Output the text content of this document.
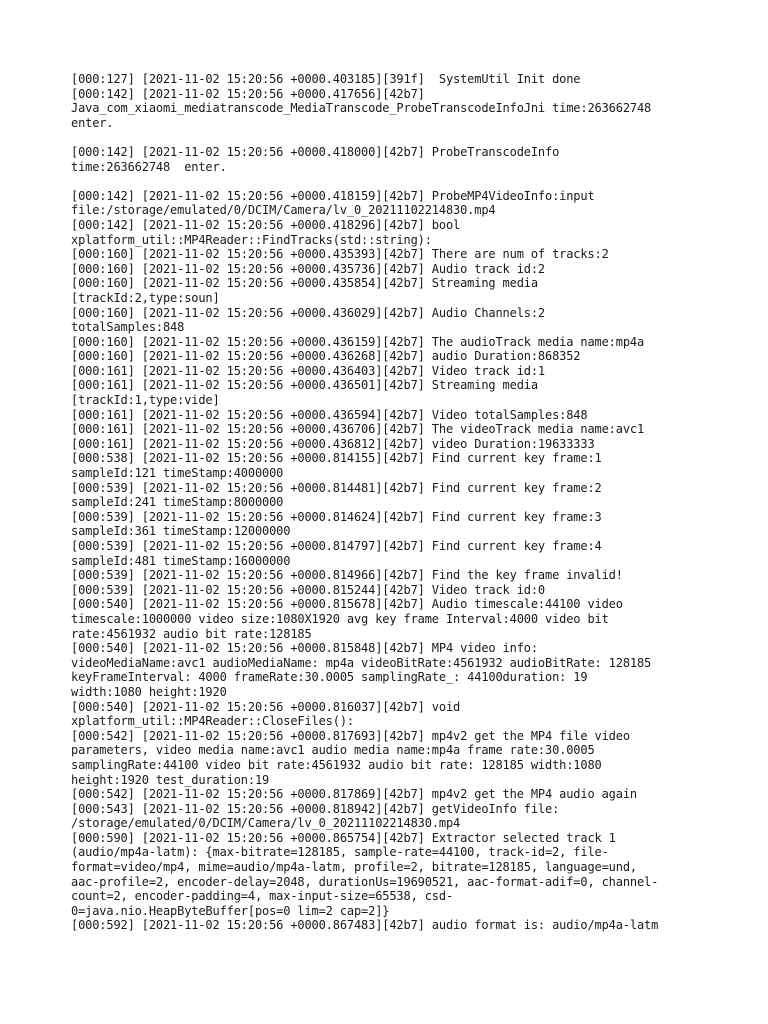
[000:127] [2021-11-02 15:20:56 +0000.403185][391f]  SystemUtil Init done
[000:142] [2021-11-02 15:20:56 +0000.417656][42b7]
Java_com_xiaomi_mediatranscode_MediaTranscode_ProbeTranscodeInfoJni time:263662748
enter.
[000:142] [2021-11-02 15:20:56 +0000.418000][42b7] ProbeTranscodeInfo
time:263662748  enter.
[000:142] [2021-11-02 15:20:56 +0000.418159][42b7] ProbeMP4VideoInfo:input
file:/storage/emulated/0/DCIM/Camera/lv_0_20211102214830.mp4
[000:142] [2021-11-02 15:20:56 +0000.418296][42b7] bool
xplatform_util::MP4Reader::FindTracks(std::string):
[000:160] [2021-11-02 15:20:56 +0000.435393][42b7] There are num of tracks:2
[000:160] [2021-11-02 15:20:56 +0000.435736][42b7] Audio track id:2
[000:160] [2021-11-02 15:20:56 +0000.435854][42b7] Streaming media
[trackId:2,type:soun]
[000:160] [2021-11-02 15:20:56 +0000.436029][42b7] Audio Channels:2
totalSamples:848
[000:160] [2021-11-02 15:20:56 +0000.436159][42b7] The audioTrack media name:mp4a
[000:160] [2021-11-02 15:20:56 +0000.436268][42b7] audio Duration:868352
[000:161] [2021-11-02 15:20:56 +0000.436403][42b7] Video track id:1
[000:161] [2021-11-02 15:20:56 +0000.436501][42b7] Streaming media
[trackId:1,type:vide]
[000:161] [2021-11-02 15:20:56 +0000.436594][42b7] Video totalSamples:848
[000:161] [2021-11-02 15:20:56 +0000.436706][42b7] The videoTrack media name:avc1
[000:161] [2021-11-02 15:20:56 +0000.436812][42b7] video Duration:19633333
[000:538] [2021-11-02 15:20:56 +0000.814155][42b7] Find current key frame:1
sampleId:121 timeStamp:4000000
[000:539] [2021-11-02 15:20:56 +0000.814481][42b7] Find current key frame:2
sampleId:241 timeStamp:8000000
[000:539] [2021-11-02 15:20:56 +0000.814624][42b7] Find current key frame:3
sampleId:361 timeStamp:12000000
[000:539] [2021-11-02 15:20:56 +0000.814797][42b7] Find current key frame:4
sampleId:481 timeStamp:16000000
[000:539] [2021-11-02 15:20:56 +0000.814966][42b7] Find the key frame invalid!
[000:539] [2021-11-02 15:20:56 +0000.815244][42b7] Video track id:0
[000:540] [2021-11-02 15:20:56 +0000.815678][42b7] Audio timescale:44100 video
timescale:1000000 video size:1080X1920 avg key frame Interval:4000 video bit
rate:4561932 audio bit rate:128185
[000:540] [2021-11-02 15:20:56 +0000.815848][42b7] MP4 video info:
videoMediaName:avc1 audioMediaName: mp4a videoBitRate:4561932 audioBitRate: 128185
keyFrameInterval: 4000 frameRate:30.0005 samplingRate_: 44100duration: 19
width:1080 height:1920
[000:540] [2021-11-02 15:20:56 +0000.816037][42b7] void
xplatform_util::MP4Reader::CloseFiles():
[000:542] [2021-11-02 15:20:56 +0000.817693][42b7] mp4v2 get the MP4 file video
parameters, video media name:avc1 audio media name:mp4a frame rate:30.0005
samplingRate:44100 video bit rate:4561932 audio bit rate: 128185 width:1080
height:1920 test_duration:19
[000:542] [2021-11-02 15:20:56 +0000.817869][42b7] mp4v2 get the MP4 audio again
[000:543] [2021-11-02 15:20:56 +0000.818942][42b7] getVideoInfo file:
/storage/emulated/0/DCIM/Camera/lv_0_20211102214830.mp4
[000:590] [2021-11-02 15:20:56 +0000.865754][42b7] Extractor selected track 1
(audio/mp4a-latm): {max-bitrate=128185, sample-rate=44100, track-id=2, file-
format=video/mp4, mime=audio/mp4a-latm, profile=2, bitrate=128185, language=und,
aac-profile=2, encoder-delay=2048, durationUs=19690521, aac-format-adif=0, channel-
count=2, encoder-padding=4, max-input-size=65538, csd-
0=java.nio.HeapByteBuffer[pos=0 lim=2 cap=2]}
[000:592] [2021-11-02 15:20:56 +0000.867483][42b7] audio format is: audio/mp4a-latm
